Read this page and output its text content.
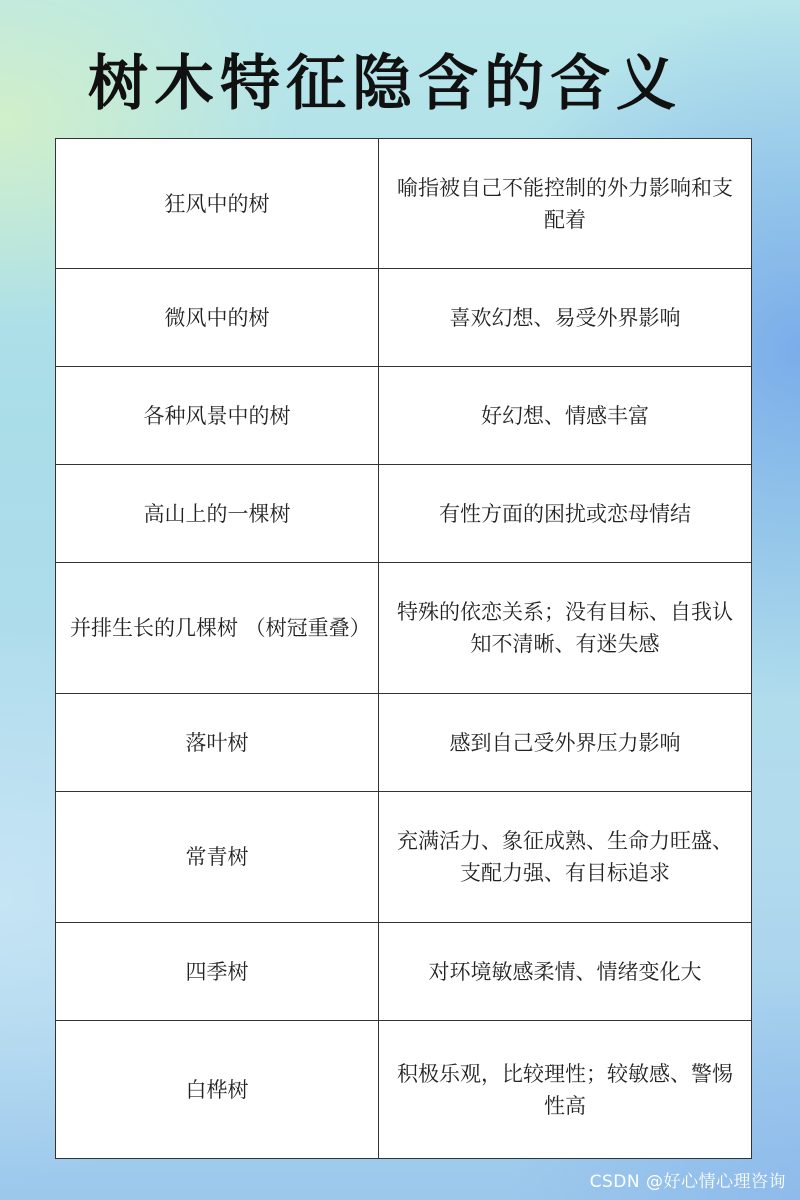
树木特征隐含的含义
狂风中的树	喻指被自己不能控制的外力影响和支配着
微风中的树	喜欢幻想、易受外界影响
各种风景中的树	好幻想、情感丰富
高山上的一棵树	有性方面的困扰或恋母情结
并排生长的几棵树 （树冠重叠）	特殊的依恋关系；没有目标、自我认知不清晰、有迷失感
落叶树	感到自己受外界压力影响
常青树	充满活力、象征成熟、生命力旺盛、支配力强、有目标追求
四季树	对环境敏感柔情、情绪变化大
白桦树	积极乐观，比较理性；较敏感、警惕性高
CSDN @好心情心理咨询
